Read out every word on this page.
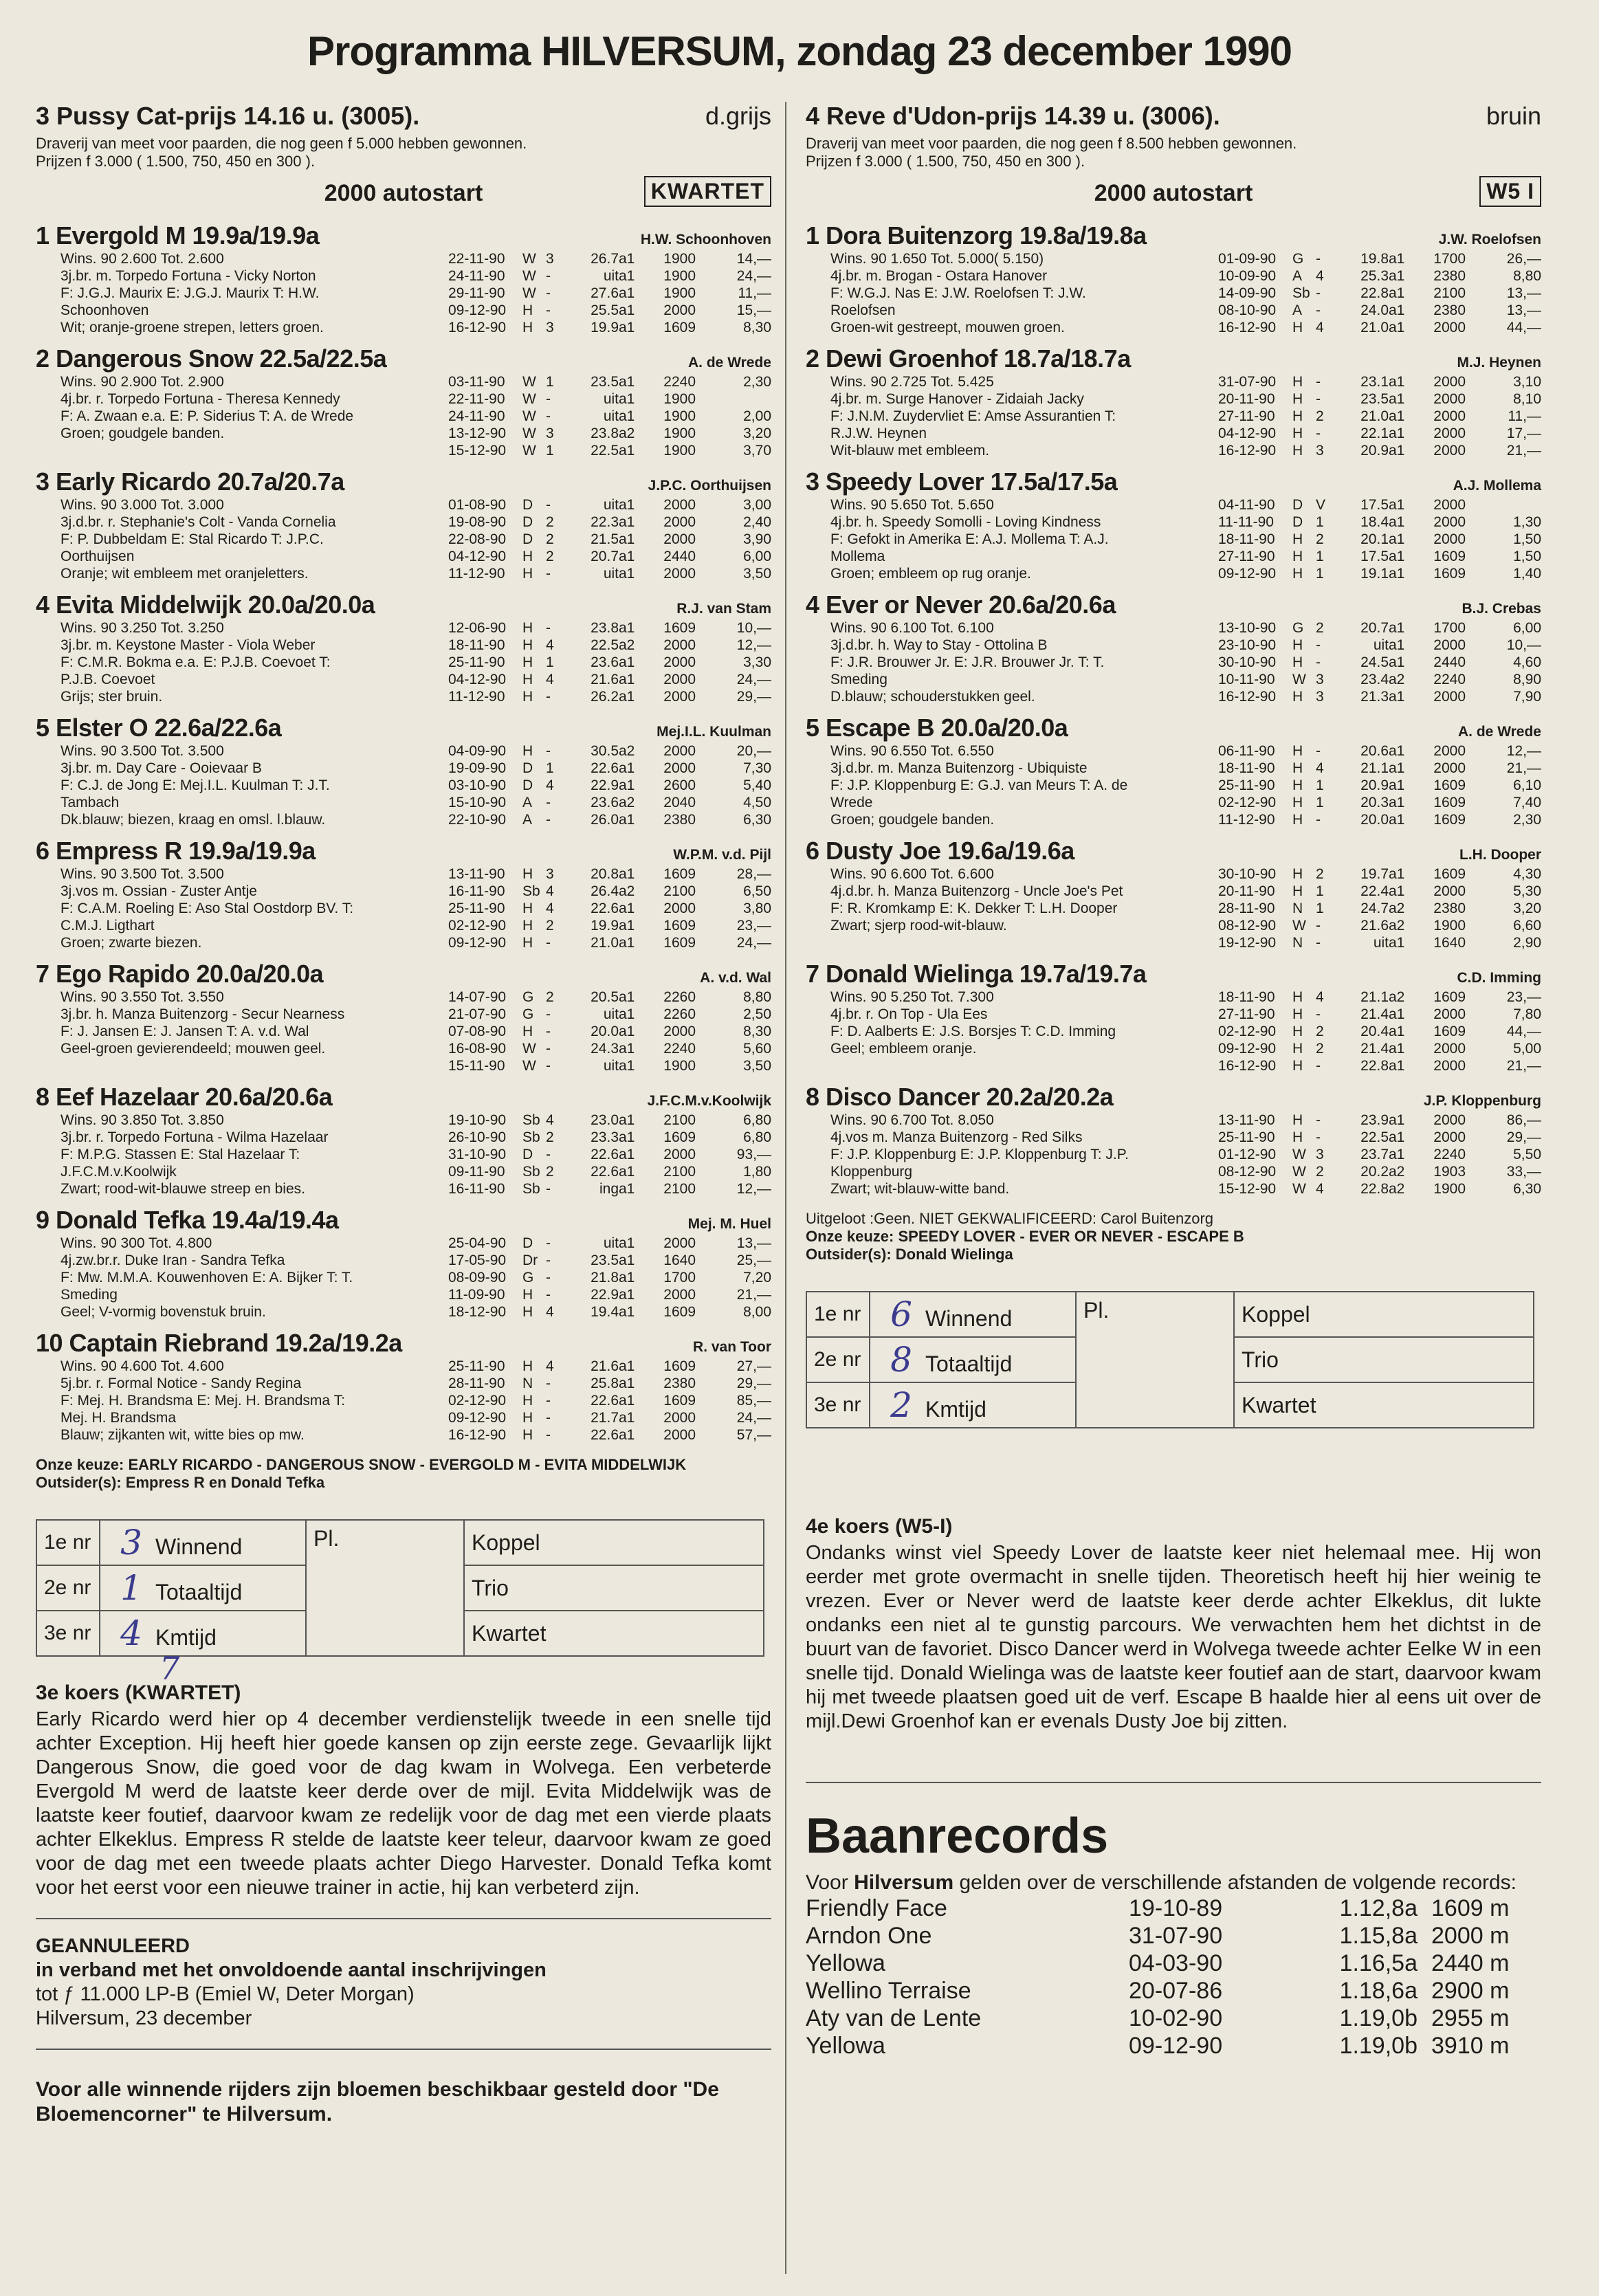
Programma HILVERSUM, zondag 23 december 1990
3 Pussy Cat-prijs 14.16 u. (3005).	d.grijs
Draverij van meet voor paarden, die nog geen f 5.000 hebben gewonnen.
Prijzen f 3.000 ( 1.500, 750, 450 en 300 ).
2000 autostart	KWARTET
1 Evergold M 19.9a/19.9a	H.W. Schoonhoven
Wins. 90 2.600 Tot. 2.600
3j.br. m. Torpedo Fortuna - Vicky Norton
F: J.G.J. Maurix E: J.G.J. Maurix T: H.W.
Schoonhoven
Wit; oranje-groene strepen, letters groen.
22-11-90	W 3	26.7 a1	1900	14,—
24-11-90	W -	uit a1	1900	24,—
29-11-90	W -	27.6 a1	1900	11,—
09-12-90	H -	25.5 a1	2000	15,—
16-12-90	H 3	19.9 a1	1609	8,30
2 Dangerous Snow 22.5a/22.5a	A. de Wrede
Wins. 90 2.900 Tot. 2.900
4j.br. r. Torpedo Fortuna - Theresa Kennedy
F: A. Zwaan e.a. E: P. Siderius T: A. de Wrede
Groen; goudgele banden.
03-11-90	W 1	23.5 a1	2240	2,30
22-11-90	W -	uit a1	1900
24-11-90	W -	uit a1	1900	2,00
13-12-90	W 3	23.8 a2	1900	3,20
15-12-90	W 1	22.5 a1	1900	3,70
3 Early Ricardo 20.7a/20.7a	J.P.C. Oorthuijsen
Wins. 90 3.000 Tot. 3.000
3j.d.br. r. Stephanie's Colt - Vanda Cornelia
F: P. Dubbeldam E: Stal Ricardo T: J.P.C.
Oorthuijsen
Oranje; wit embleem met oranjeletters.
01-08-90	D -	uit a1	2000	3,00
19-08-90	D 2	22.3 a1	2000	2,40
22-08-90	D 2	21.5 a1	2000	3,90
04-12-90	H 2	20.7 a1	2440	6,00
11-12-90	H -	uit a1	2000	3,50
4 Evita Middelwijk 20.0a/20.0a	R.J. van Stam
Wins. 90 3.250 Tot. 3.250
3j.br. m. Keystone Master - Viola Weber
F: C.M.R. Bokma e.a. E: P.J.B. Coevoet T:
P.J.B. Coevoet
Grijs; ster bruin.
12-06-90	H -	23.8 a1	1609	10,—
18-11-90	H 4	22.5 a2	2000	12,—
25-11-90	H 1	23.6 a1	2000	3,30
04-12-90	H 4	21.6 a1	2000	24,—
11-12-90	H -	26.2 a1	2000	29,—
5 Elster O 22.6a/22.6a	Mej.I.L. Kuulman
Wins. 90 3.500 Tot. 3.500
3j.br. m. Day Care - Ooievaar B
F: C.J. de Jong E: Mej.I.L. Kuulman T: J.T.
Tambach
Dk.blauw; biezen, kraag en omsl. l.blauw.
04-09-90	H -	30.5 a2	2000	20,—
19-09-90	D 1	22.6 a1	2000	7,30
03-10-90	D 4	22.9 a1	2600	5,40
15-10-90	A -	23.6 a2	2040	4,50
22-10-90	A -	26.0 a1	2380	6,30
6 Empress R 19.9a/19.9a	W.P.M. v.d. Pijl
Wins. 90 3.500 Tot. 3.500
3j.vos m. Ossian - Zuster Antje
F: C.A.M. Roeling E: Aso Stal Oostdorp BV. T:
C.M.J. Ligthart
Groen; zwarte biezen.
13-11-90	H 3	20.8 a1	1609	28,—
16-11-90	Sb 4	26.4 a2	2100	6,50
25-11-90	H 4	22.6 a1	2000	3,80
02-12-90	H 2	19.9 a1	1609	23,—
09-12-90	H -	21.0 a1	1609	24,—
7 Ego Rapido 20.0a/20.0a	A. v.d. Wal
Wins. 90 3.550 Tot. 3.550
3j.br. h. Manza Buitenzorg - Secur Nearness
F: J. Jansen E: J. Jansen T: A. v.d. Wal
Geel-groen gevierendeeld; mouwen geel.
14-07-90	G 2	20.5 a1	2260	8,80
21-07-90	G -	uit a1	2260	2,50
07-08-90	H -	20.0 a1	2000	8,30
16-08-90	W -	24.3 a1	2240	5,60
15-11-90	W -	uit a1	1900	3,50
8 Eef Hazelaar 20.6a/20.6a	J.F.C.M.v.Koolwijk
Wins. 90 3.850 Tot. 3.850
3j.br. r. Torpedo Fortuna - Wilma Hazelaar
F: M.P.G. Stassen E: Stal Hazelaar T:
J.F.C.M.v.Koolwijk
Zwart; rood-wit-blauwe streep en bies.
19-10-90	Sb 4	23.0 a1	2100	6,80
26-10-90	Sb 2	23.3 a1	1609	6,80
31-10-90	D -	22.6 a1	2000	93,—
09-11-90	Sb 2	22.6 a1	2100	1,80
16-11-90	Sb -	ing a1	2100	12,—
9 Donald Tefka 19.4a/19.4a	Mej. M. Huel
Wins. 90 300 Tot. 4.800
4j.zw.br.r. Duke Iran - Sandra Tefka
F: Mw. M.M.A. Kouwenhoven E: A. Bijker T: T.
Smeding
Geel; V-vormig bovenstuk bruin.
25-04-90	D -	uit a1	2000	13,—
17-05-90	Dr -	23.5 a1	1640	25,—
08-09-90	G -	21.8 a1	1700	7,20
11-09-90	H -	22.9 a1	2000	21,—
18-12-90	H 4	19.4 a1	1609	8,00
10 Captain Riebrand 19.2a/19.2a	R. van Toor
Wins. 90 4.600 Tot. 4.600
5j.br. r. Formal Notice - Sandy Regina
F: Mej. H. Brandsma E: Mej. H. Brandsma T:
Mej. H. Brandsma
Blauw; zijkanten wit, witte bies op mw.
25-11-90	H 4	21.6 a1	1609	27,—
28-11-90	N -	25.8 a1	2380	29,—
02-12-90	H -	22.6 a1	1609	85,—
09-12-90	H -	21.7 a1	2000	24,—
16-12-90	H -	22.6 a1	2000	57,—
Onze keuze: EARLY RICARDO - DANGEROUS SNOW - EVERGOLD M - EVITA MIDDELWIJK
Outsider(s): Empress R en Donald Tefka
1e nr	3 Winnend	Pl.	Koppel
2e nr	1 Totaaltijd		Trio
3e nr	4 Kmtijd		Kwartet
7
3e koers (KWARTET)
Early Ricardo werd hier op 4 december verdienstelijk tweede in een snelle tijd achter Exception. Hij heeft hier goede kansen op zijn eerste zege. Gevaarlijk lijkt Dangerous Snow, die goed voor de dag kwam in Wolvega. Een verbeterde Evergold M werd de laatste keer derde over de mijl. Evita Middelwijk was de laatste keer foutief, daarvoor kwam ze redelijk voor de dag met een vierde plaats achter Elkeklus. Empress R stelde de laatste keer teleur, daarvoor kwam ze goed voor de dag met een tweede plaats achter Diego Harvester. Donald Tefka komt voor het eerst voor een nieuwe trainer in actie, hij kan verbeterd zijn.
GEANNULEERD
in verband met het onvoldoende aantal inschrijvingen
tot ƒ 11.000 LP-B (Emiel W, Deter Morgan)
Hilversum, 23 december
Voor alle winnende rijders zijn bloemen beschikbaar gesteld door "De Bloemencorner" te Hilversum.
4 Reve d'Udon-prijs 14.39 u. (3006).	bruin
Draverij van meet voor paarden, die nog geen f 8.500 hebben gewonnen.
Prijzen f 3.000 ( 1.500, 750, 450 en 300 ).
2000 autostart	W5 I
1 Dora Buitenzorg 19.8a/19.8a	J.W. Roelofsen
Wins. 90 1.650 Tot. 5.000( 5.150)
4j.br. m. Brogan - Ostara Hanover
F: W.G.J. Nas E: J.W. Roelofsen T: J.W.
Roelofsen
Groen-wit gestreept, mouwen groen.
01-09-90	G -	19.8 a1	1700	26,—
10-09-90	A 4	25.3 a1	2380	8,80
14-09-90	Sb -	22.8 a1	2100	13,—
08-10-90	A -	24.0 a1	2380	13,—
16-12-90	H 4	21.0 a1	2000	44,—
2 Dewi Groenhof 18.7a/18.7a	M.J. Heynen
Wins. 90 2.725 Tot. 5.425
4j.br. m. Surge Hanover - Zidaiah Jacky
F: J.N.M. Zuydervliet E: Amse Assurantien T:
R.J.W. Heynen
Wit-blauw met embleem.
31-07-90	H -	23.1 a1	2000	3,10
20-11-90	H -	23.5 a1	2000	8,10
27-11-90	H 2	21.0 a1	2000	11,—
04-12-90	H -	22.1 a1	2000	17,—
16-12-90	H 3	20.9 a1	2000	21,—
3 Speedy Lover 17.5a/17.5a	A.J. Mollema
Wins. 90 5.650 Tot. 5.650
4j.br. h. Speedy Somolli - Loving Kindness
F: Gefokt in Amerika E: A.J. Mollema T: A.J.
Mollema
Groen; embleem op rug oranje.
04-11-90	D V	17.5 a1	2000
11-11-90	D 1	18.4 a1	2000	1,30
18-11-90	H 2	20.1 a1	2000	1,50
27-11-90	H 1	17.5 a1	1609	1,50
09-12-90	H 1	19.1 a1	1609	1,40
4 Ever or Never 20.6a/20.6a	B.J. Crebas
Wins. 90 6.100 Tot. 6.100
3j.d.br. h. Way to Stay - Ottolina B
F: J.R. Brouwer Jr. E: J.R. Brouwer Jr. T: T.
Smeding
D.blauw; schouderstukken geel.
13-10-90	G 2	20.7 a1	1700	6,00
23-10-90	H -	uit a1	2000	10,—
30-10-90	H -	24.5 a1	2440	4,60
10-11-90	W 3	23.4 a2	2240	8,90
16-12-90	H 3	21.3 a1	2000	7,90
5 Escape B 20.0a/20.0a	A. de Wrede
Wins. 90 6.550 Tot. 6.550
3j.d.br. m. Manza Buitenzorg - Ubiquiste
F: J.P. Kloppenburg E: G.J. van Meurs T: A. de
Wrede
Groen; goudgele banden.
06-11-90	H -	20.6 a1	2000	12,—
18-11-90	H 4	21.1 a1	2000	21,—
25-11-90	H 1	20.9 a1	1609	6,10
02-12-90	H 1	20.3 a1	1609	7,40
11-12-90	H -	20.0 a1	1609	2,30
6 Dusty Joe 19.6a/19.6a	L.H. Dooper
Wins. 90 6.600 Tot. 6.600
4j.d.br. h. Manza Buitenzorg - Uncle Joe's Pet
F: R. Kromkamp E: K. Dekker T: L.H. Dooper
Zwart; sjerp rood-wit-blauw.
30-10-90	H 2	19.7 a1	1609	4,30
20-11-90	H 1	22.4 a1	2000	5,30
28-11-90	N 1	24.7 a2	2380	3,20
08-12-90	W -	21.6 a2	1900	6,60
19-12-90	N -	uit a1	1640	2,90
7 Donald Wielinga 19.7a/19.7a	C.D. Imming
Wins. 90 5.250 Tot. 7.300
4j.br. r. On Top - Ula Ees
F: D. Aalberts E: J.S. Borsjes T: C.D. Imming
Geel; embleem oranje.
18-11-90	H 4	21.1 a2	1609	23,—
27-11-90	H -	21.4 a1	2000	7,80
02-12-90	H 2	20.4 a1	1609	44,—
09-12-90	H 2	21.4 a1	2000	5,00
16-12-90	H -	22.8 a1	2000	21,—
8 Disco Dancer 20.2a/20.2a	J.P. Kloppenburg
Wins. 90 6.700 Tot. 8.050
4j.vos m. Manza Buitenzorg - Red Silks
F: J.P. Kloppenburg E: J.P. Kloppenburg T: J.P.
Kloppenburg
Zwart; wit-blauw-witte band.
13-11-90	H -	23.9 a1	2000	86,—
25-11-90	H -	22.5 a1	2000	29,—
01-12-90	W 3	23.7 a1	2240	5,50
08-12-90	W 2	20.2 a2	1903	33,—
15-12-90	W 4	22.8 a2	1900	6,30
Uitgeloot :Geen. NIET GEKWALIFICEERD: Carol Buitenzorg
Onze keuze: SPEEDY LOVER - EVER OR NEVER - ESCAPE B
Outsider(s): Donald Wielinga
1e nr	6 Winnend	Pl.	Koppel
2e nr	8 Totaaltijd		Trio
3e nr	2 Kmtijd		Kwartet
4e koers (W5-I)
Ondanks winst viel Speedy Lover de laatste keer niet helemaal mee. Hij won eerder met grote overmacht in snelle tijden. Theoretisch heeft hij hier weinig te vrezen. Ever or Never werd de laatste keer derde achter Elkeklus, dit lukte ondanks een niet al te gunstig parcours. We verwachten hem het dichtst in de buurt van de favoriet. Disco Dancer werd in Wolvega tweede achter Eelke W in een snelle tijd. Donald Wielinga was de laatste keer foutief aan de start, daarvoor kwam hij met tweede plaatsen goed uit de verf. Escape B haalde hier al eens uit over de mijl.Dewi Groenhof kan er evenals Dusty Joe bij zitten.
Baanrecords
Voor Hilversum gelden over de verschillende afstanden de volgende records:
Friendly Face	19-10-89	1.12,8a 1609 m
Arndon One	31-07-90	1.15,8a 2000 m
Yellowa	04-03-90	1.16,5a 2440 m
Wellino Terraise	20-07-86	1.18,6a 2900 m
Aty van de Lente	10-02-90	1.19,0b 2955 m
Yellowa	09-12-90	1.19,0b 3910 m
